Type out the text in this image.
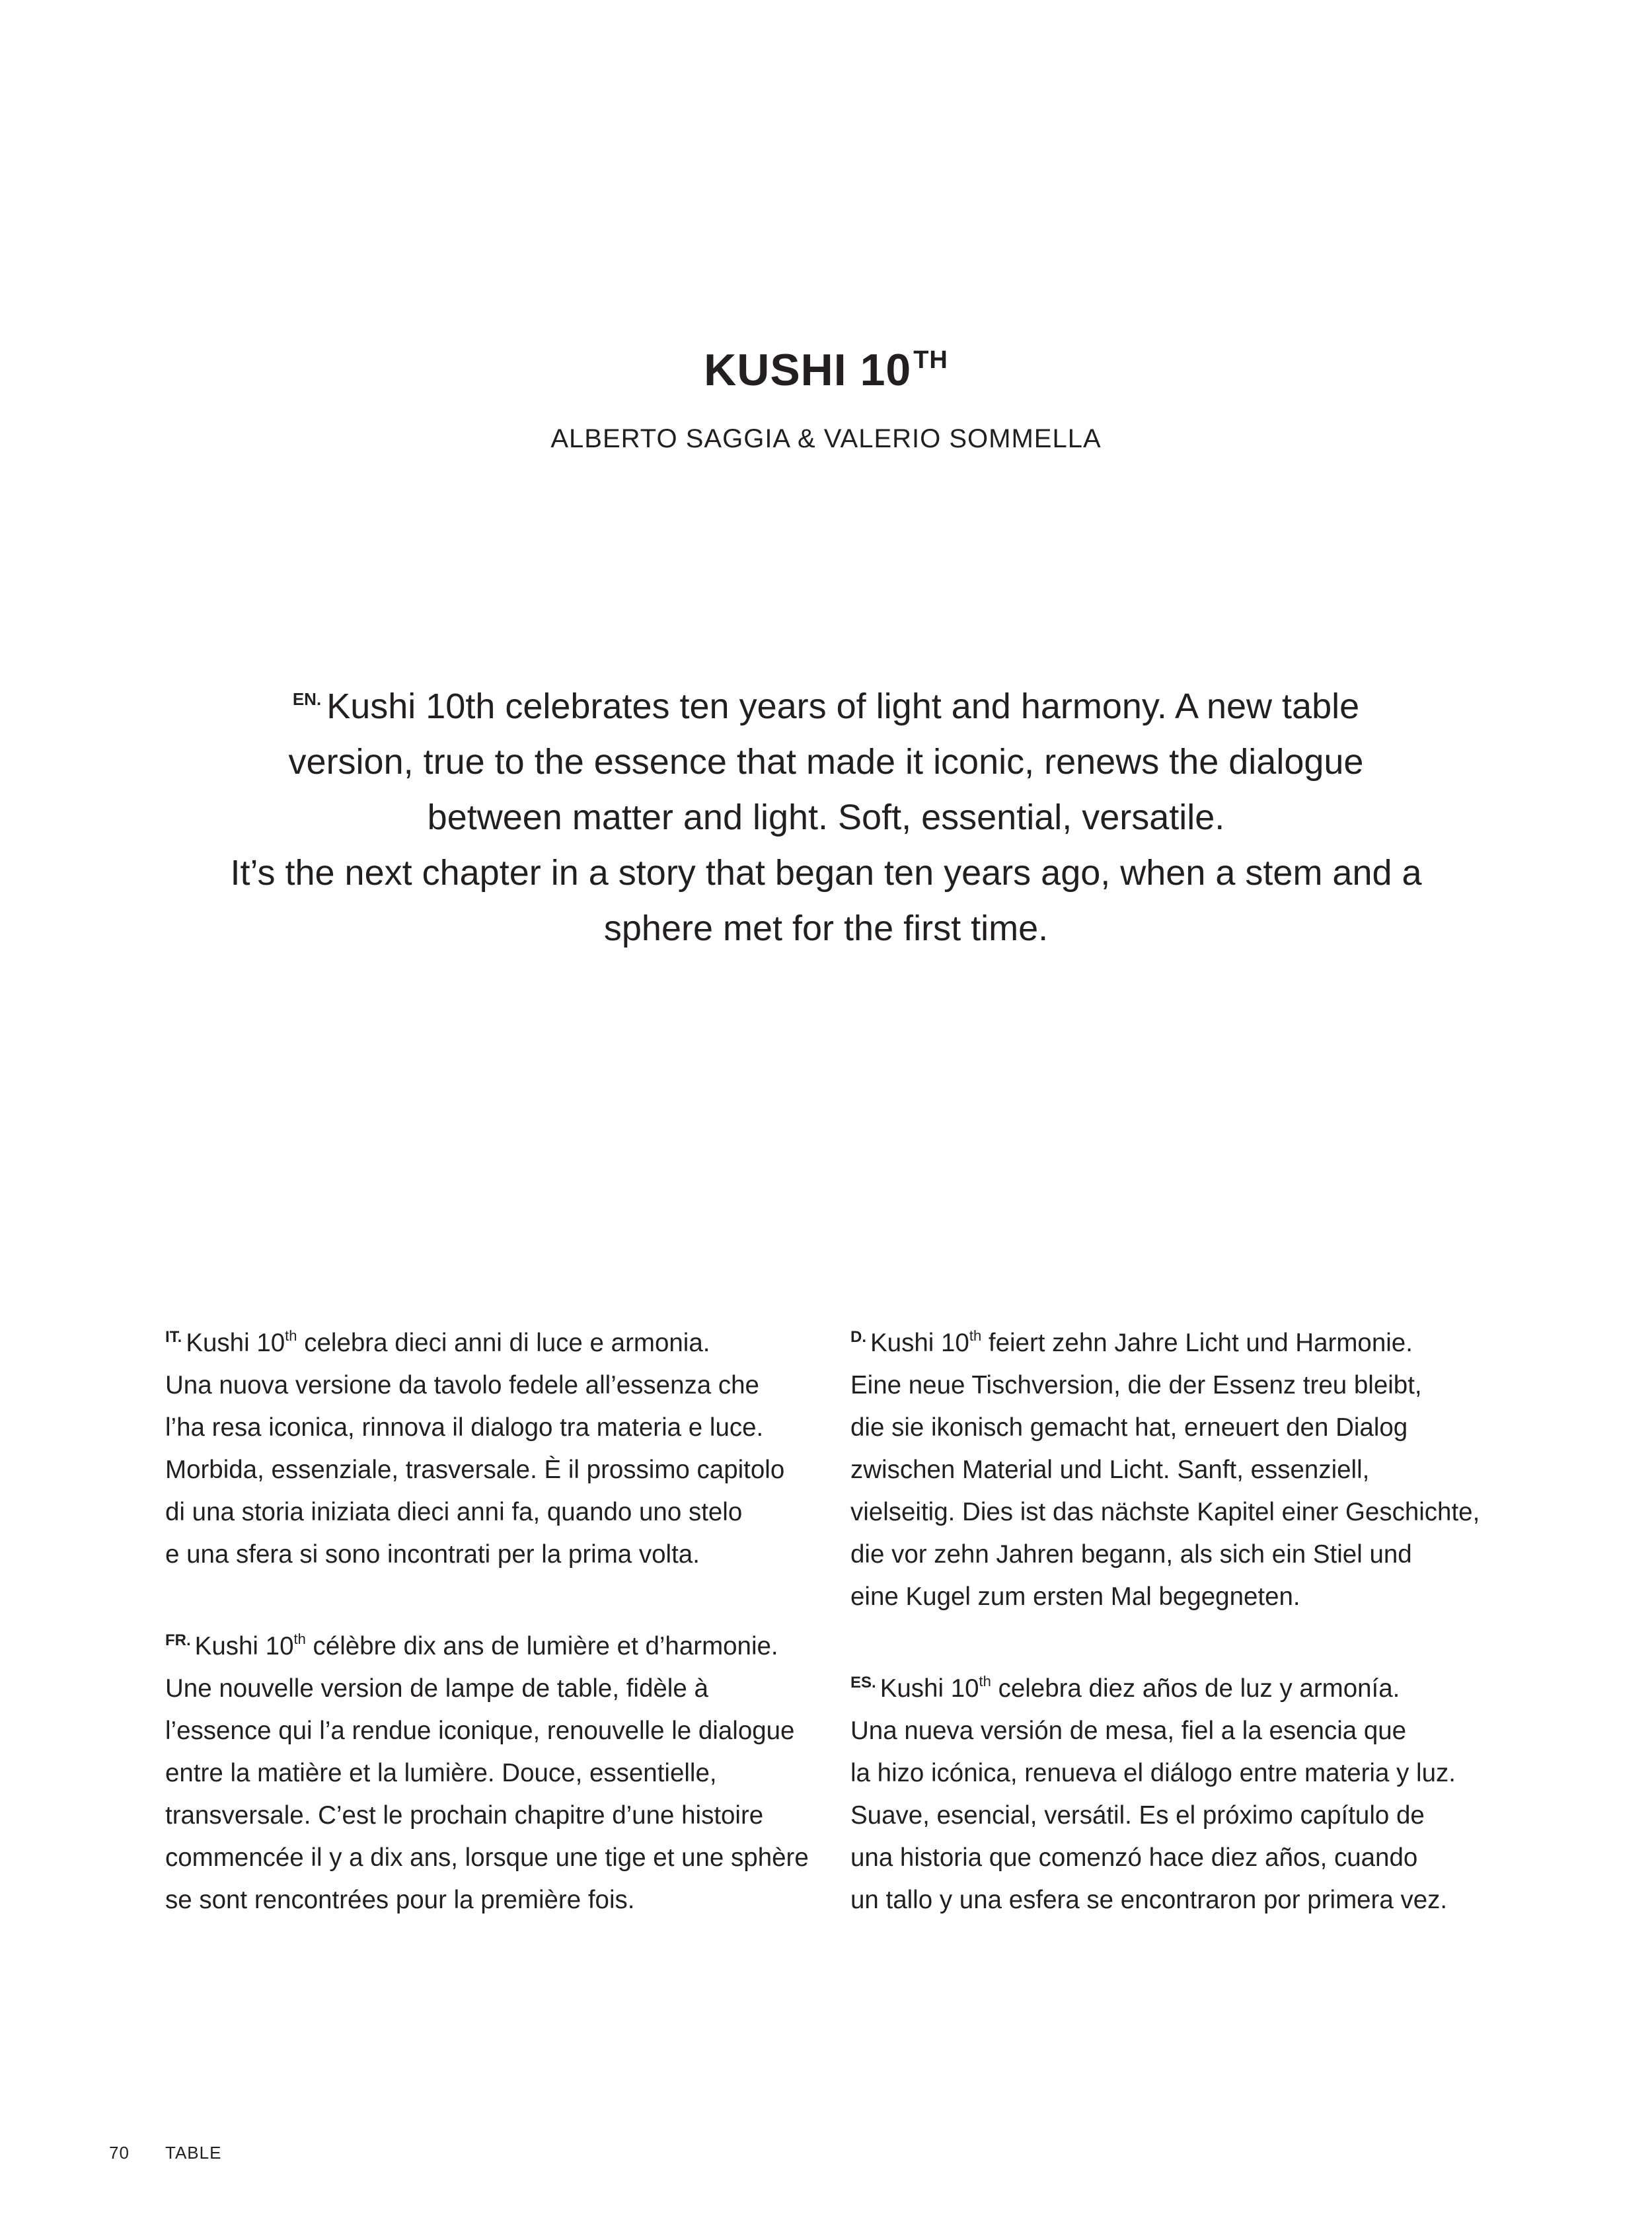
KUSHI 10TH
ALBERTO SAGGIA & VALERIO SOMMELLA

$^{EN.}$ Kushi 10th celebrates ten years of light and harmony. A new table

version, true to the essence that made it iconic, renews the dialogue

between matter and light. Soft, essential, versatile.

It’s the next chapter in a story that began ten years ago, when a stem and a

sphere met for the first time.

$^{IT.}$ Kushi 10th celebra dieci anni di luce e armonia.

Una nuova versione da tavolo fedele all’essenza che

l’ha resa iconica, rinnova il dialogo tra materia e luce.

Morbida, essenziale, trasversale. È il prossimo capitolo

di una storia iniziata dieci anni fa, quando uno stelo

e una sfera si sono incontrati per la prima volta.

$^{FR.}$ Kushi 10th célèbre dix ans de lumière et d’harmonie.

Une nouvelle version de lampe de table, fidèle à

l’essence qui l’a rendue iconique, renouvelle le dialogue

entre la matière et la lumière. Douce, essentielle,

transversale. C’est le prochain chapitre d’une histoire

commencée il y a dix ans, lorsque une tige et une sphère

se sont rencontrées pour la première fois.

$^{D.}$ Kushi 10th feiert zehn Jahre Licht und Harmonie.

Eine neue Tischversion, die der Essenz treu bleibt,

die sie ikonisch gemacht hat, erneuert den Dialog

zwischen Material und Licht. Sanft, essenziell,

vielseitig. Dies ist das nächste Kapitel einer Geschichte,

die vor zehn Jahren begann, als sich ein Stiel und

eine Kugel zum ersten Mal begegneten.

$^{ES.}$ Kushi 10th celebra diez años de luz y armonía.

Una nueva versión de mesa, fiel a la esencia que

la hizo icónica, renueva el diálogo entre materia y luz.

Suave, esencial, versátil. Es el próximo capítulo de

una historia que comenzó hace diez años, cuando

un tallo y una esfera se encontraron por primera vez.

70 TABLE
